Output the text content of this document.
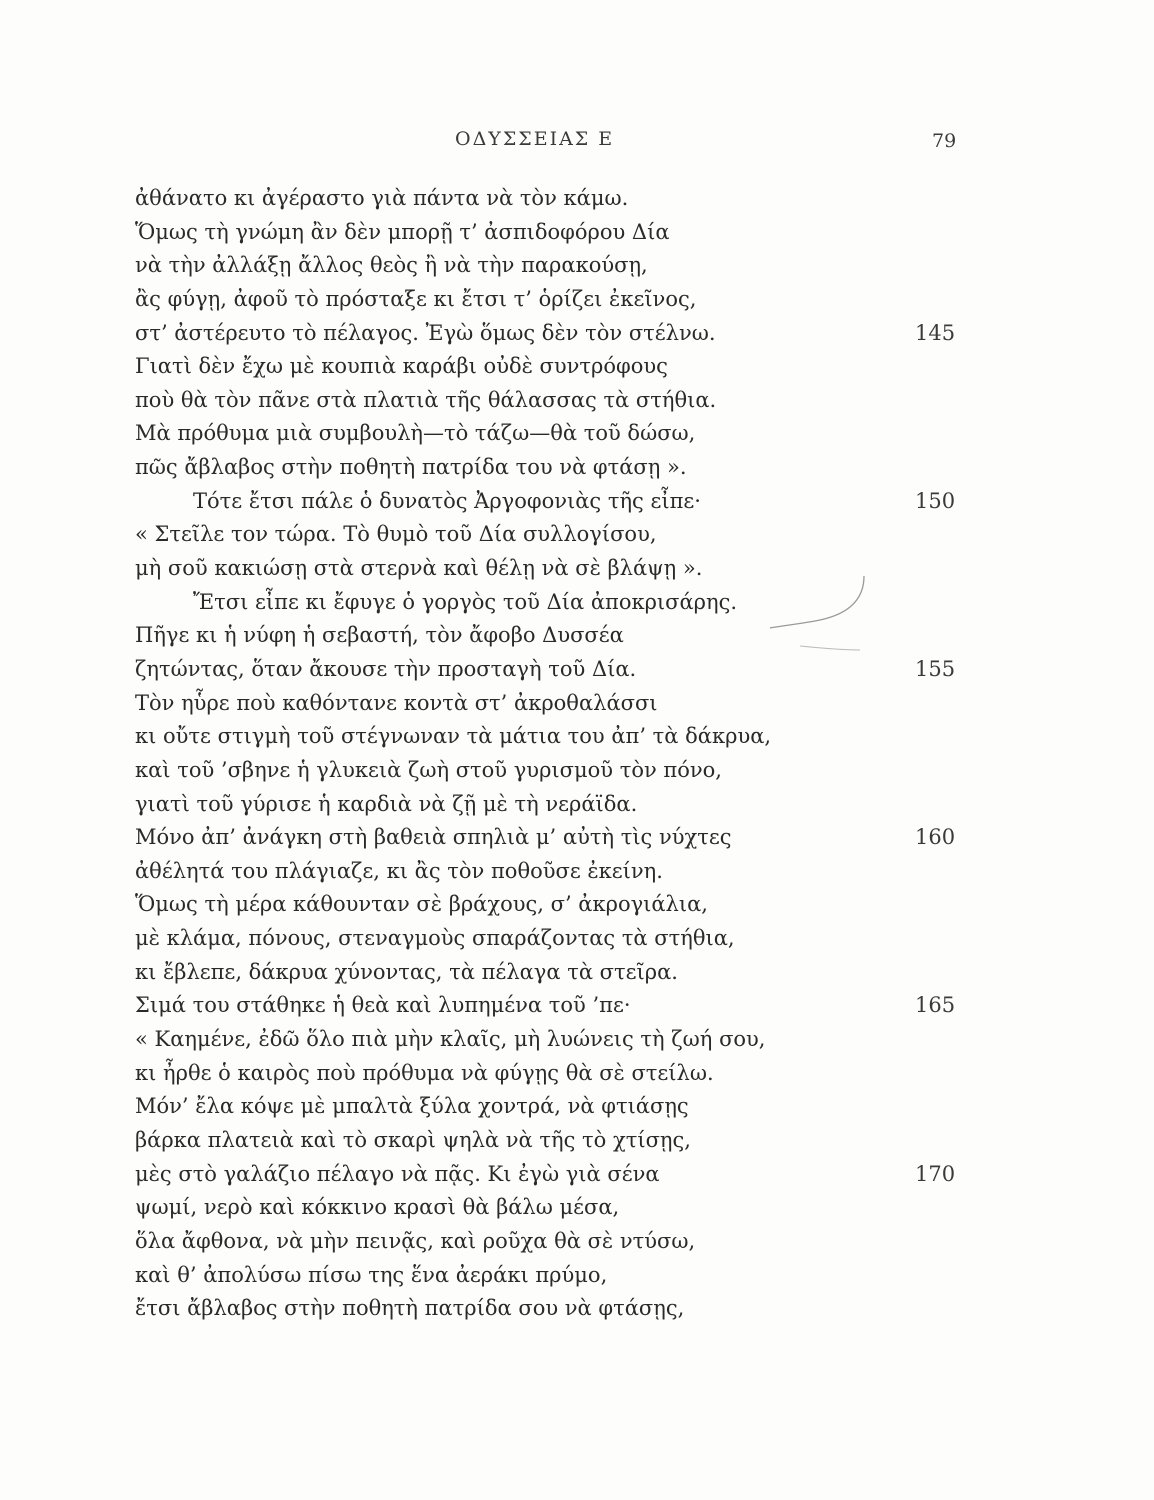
ΟΔΥΣΣΕΙΑΣ Ε	79
ἀθάνατο κι ἀγέραστο γιὰ πάντα νὰ τὸν κάμω.
Ὅμως τὴ γνώμη ἂν δὲν μπορῇ τ’ ἀσπιδοφόρου Δία
νὰ τὴν ἀλλάξῃ ἄλλος θεὸς ἢ νὰ τὴν παρακούσῃ,
ἂς φύγῃ, ἀφοῦ τὸ πρόσταξε κι ἔτσι τ’ ὁρίζει ἐκεῖνος,
στ’ ἀστέρευτο τὸ πέλαγος. Ἐγὼ ὅμως δὲν τὸν στέλνω.	145
Γιατὶ δὲν ἔχω μὲ κουπιὰ καράβι οὐδὲ συντρόφους
ποὺ θὰ τὸν πᾶνε στὰ πλατιὰ τῆς θάλασσας τὰ στήθια.
Μὰ πρόθυμα μιὰ συμβουλὴ—τὸ τάζω—θὰ τοῦ δώσω,
πῶς ἄβλαβος στὴν ποθητὴ πατρίδα του νὰ φτάσῃ ».
Τότε ἔτσι πάλε ὁ δυνατὸς Ἀργοφονιὰς τῆς εἶπε·	150
« Στεῖλε τον τώρα. Τὸ θυμὸ τοῦ Δία συλλογίσου,
μὴ σοῦ κακιώσῃ στὰ στερνὰ καὶ θέλῃ νὰ σὲ βλάψῃ ».
Ἔτσι εἶπε κι ἔφυγε ὁ γοργὸς τοῦ Δία ἀποκρισάρης.
Πῆγε κι ἡ νύφη ἡ σεβαστή, τὸν ἄφοβο Δυσσέα
ζητώντας, ὅταν ἄκουσε τὴν προσταγὴ τοῦ Δία.	155
Τὸν ηὗρε ποὺ καθόντανε κοντὰ στ’ ἀκροθαλάσσι
κι οὔτε στιγμὴ τοῦ στέγνωναν τὰ μάτια του ἀπ’ τὰ δάκρυα,
καὶ τοῦ ’σβηνε ἡ γλυκειὰ ζωὴ στοῦ γυρισμοῦ τὸν πόνο,
γιατὶ τοῦ γύρισε ἡ καρδιὰ νὰ ζῇ μὲ τὴ νεράϊδα.
Μόνο ἀπ’ ἀνάγκη στὴ βαθειὰ σπηλιὰ μ’ αὐτὴ τὶς νύχτες	160
ἀθέλητά του πλάγιαζε, κι ἂς τὸν ποθοῦσε ἐκείνη.
Ὅμως τὴ μέρα κάθουνταν σὲ βράχους, σ’ ἀκρογιάλια,
μὲ κλάμα, πόνους, στεναγμοὺς σπαράζοντας τὰ στήθια,
κι ἔβλεπε, δάκρυα χύνοντας, τὰ πέλαγα τὰ στεῖρα.
Σιμά του στάθηκε ἡ θεὰ καὶ λυπημένα τοῦ ’πε·	165
« Καημένε, ἐδῶ ὅλο πιὰ μὴν κλαῖς, μὴ λυώνεις τὴ ζωή σου,
κι ἦρθε ὁ καιρὸς ποὺ πρόθυμα νὰ φύγῃς θὰ σὲ στείλω.
Μόν’ ἔλα κόψε μὲ μπαλτὰ ξύλα χοντρά, νὰ φτιάσῃς
βάρκα πλατειὰ καὶ τὸ σκαρὶ ψηλὰ νὰ τῆς τὸ χτίσῃς,
μὲς στὸ γαλάζιο πέλαγο νὰ πᾷς. Κι ἐγὼ γιὰ σένα	170
ψωμί, νερὸ καὶ κόκκινο κρασὶ θὰ βάλω μέσα,
ὅλα ἄφθονα, νὰ μὴν πεινᾷς, καὶ ροῦχα θὰ σὲ ντύσω,
καὶ θ’ ἀπολύσω πίσω της ἕνα ἀεράκι πρύμο,
ἔτσι ἄβλαβος στὴν ποθητὴ πατρίδα σου νὰ φτάσῃς,
